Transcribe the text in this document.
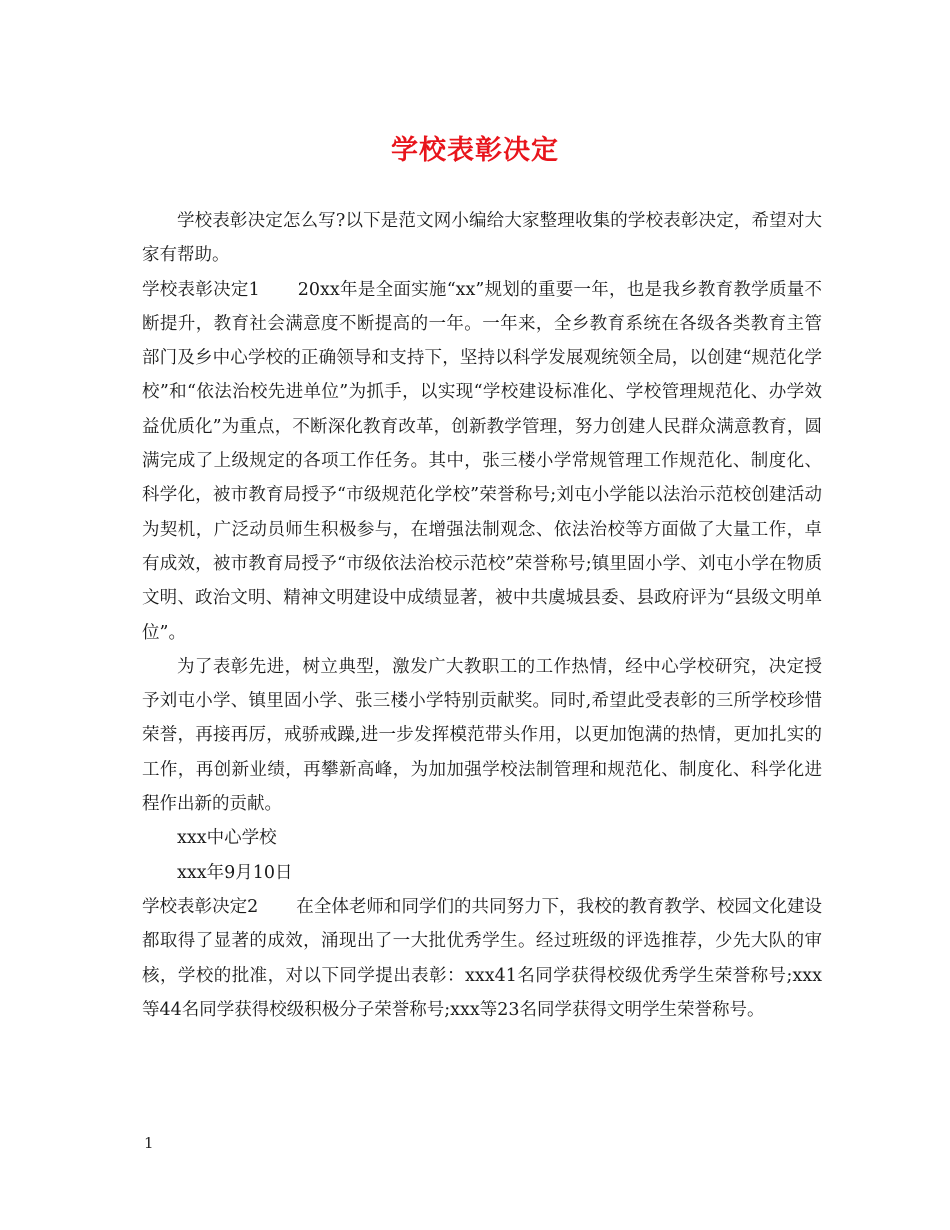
学校表彰决定

学校表彰决定怎么写?以下是范文网小编给大家整理收集的学校表彰决定，希望对大家有帮助。

学校表彰决定1 20xx年是全面实施“xx”规划的重要一年，也是我乡教育教学质量不断提升，教育社会满意度不断提高的一年。一年来，全乡教育系统在各级各类教育主管部门及乡中心学校的正确领导和支持下，坚持以科学发展观统领全局，以创建“规范化学校”和“依法治校先进单位”为抓手，以实现“学校建设标准化、学校管理规范化、办学效益优质化”为重点，不断深化教育改革，创新教学管理，努力创建人民群众满意教育，圆满完成了上级规定的各项工作任务。其中，张三楼小学常规管理工作规范化、制度化、科学化，被市教育局授予“市级规范化学校”荣誉称号;刘屯小学能以法治示范校创建活动为契机，广泛动员师生积极参与，在增强法制观念、依法治校等方面做了大量工作，卓有成效，被市教育局授予“市级依法治校示范校”荣誉称号;镇里固小学、刘屯小学在物质文明、政治文明、精神文明建设中成绩显著，被中共虞城县委、县政府评为“县级文明单位”。

为了表彰先进，树立典型，激发广大教职工的工作热情，经中心学校研究，决定授予刘屯小学、镇里固小学、张三楼小学特别贡献奖。同时,希望此受表彰的三所学校珍惜荣誉，再接再厉，戒骄戒躁,进一步发挥模范带头作用，以更加饱满的热情，更加扎实的工作，再创新业绩，再攀新高峰，为加加强学校法制管理和规范化、制度化、科学化进程作出新的贡献。

xxx中心学校

xxx年9月10日

学校表彰决定2 在全体老师和同学们的共同努力下，我校的教育教学、校园文化建设都取得了显著的成效，涌现出了一大批优秀学生。经过班级的评选推荐，少先大队的审核，学校的批准，对以下同学提出表彰：xxx41名同学获得校级优秀学生荣誉称号;xxx等44名同学获得校级积极分子荣誉称号;xxx等23名同学获得文明学生荣誉称号。

1
